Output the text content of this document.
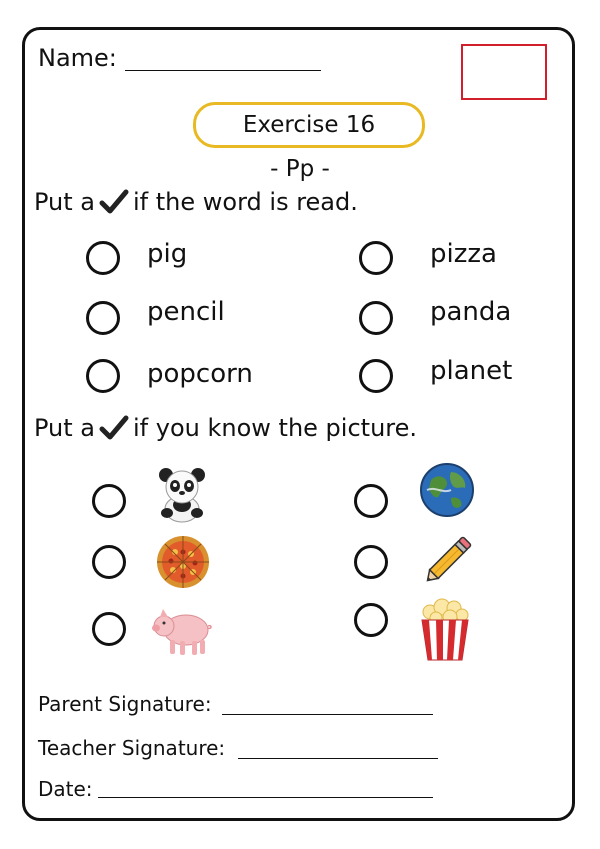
Name:
Exercise 16
- Pp -
Put a if the word is read.
pig	pizza
pencil	panda
popcorn	planet
Put a if you know the picture.
Parent Signature:
Teacher Signature:
Date:
